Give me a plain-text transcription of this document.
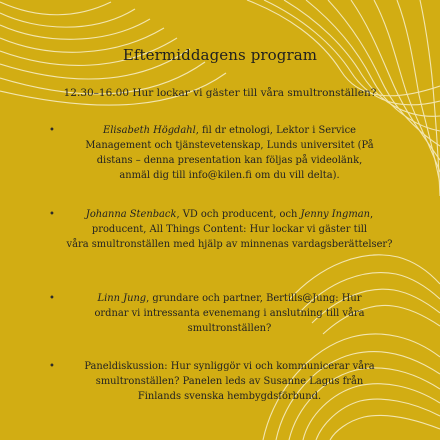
Eftermiddagens program
12.30–16.00 Hur lockar vi gäster till våra smultronställen?
•	Elisabeth Högdahl, fil dr etnologi, Lektor i Service Management och tjänstevetenskap, Lunds universitet (På distans – denna presentation kan följas på videolänk, anmäl dig till info@kilen.fi om du vill delta).
•	Johanna Stenback, VD och producent, och Jenny Ingman, producent, All Things Content: Hur lockar vi gäster till våra smultronställen med hjälp av minnenas vardagsberättelser?
•	Linn Jung, grundare och partner, Bertills@Jung: Hur ordnar vi intressanta evenemang i anslutning till våra smultronställen?
•	Paneldiskussion: Hur synliggör vi och kommunicerar våra smultronställen? Panelen leds av Susanne Lagus från Finlands svenska hembygdsförbund.
